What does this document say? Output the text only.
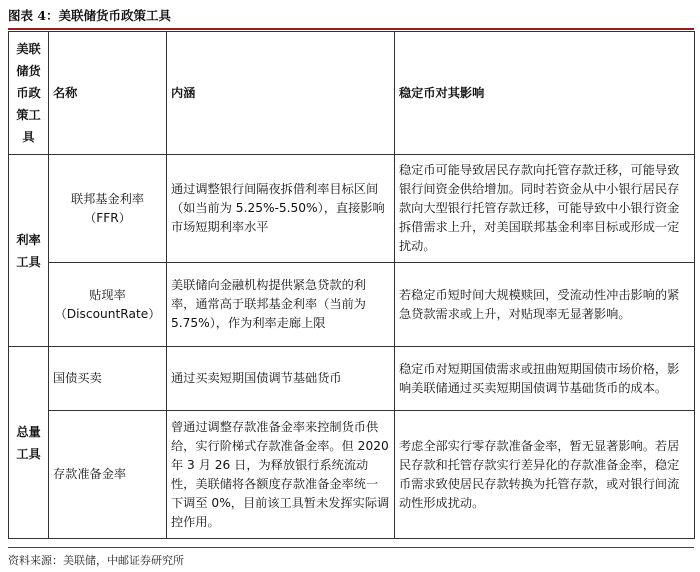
图表 4：美联储货币政策工具
美联储货币政策工具	名称	内涵	稳定币对其影响
利率工具	联邦基金利率（FFR）	通过调整银行间隔夜拆借利率目标区间（如当前为 5.25%-5.50%），直接影响市场短期利率水平	稳定币可能导致居民存款向托管存款迁移，可能导致银行间资金供给增加。同时若资金从中小银行居民存款向大型银行托管存款迁移，可能导致中小银行资金拆借需求上升，对美国联邦基金利率目标或形成一定扰动。
	贴现率（DiscountRate）	美联储向金融机构提供紧急贷款的利率，通常高于联邦基金利率（当前为 5.75%），作为利率走廊上限	若稳定币短时间大规模赎回，受流动性冲击影响的紧急贷款需求或上升，对贴现率无显著影响。
总量工具	国债买卖	通过买卖短期国债调节基础货币	稳定币对短期国债需求或扭曲短期国债市场价格，影响美联储通过买卖短期国债调节基础货币的成本。
	存款准备金率	曾通过调整存款准备金率来控制货币供给，实行阶梯式存款准备金率。但 2020 年 3 月 26 日，为释放银行系统流动性，美联储将各额度存款准备金率统一下调至 0%，目前该工具暂未发挥实际调控作用。	考虑全部实行零存款准备金率，暂无显著影响。若居民存款和托管存款实行差异化的存款准备金率，稳定币需求致使居民存款转换为托管存款，或对银行间流动性形成扰动。
资料来源：美联储，中邮证券研究所
